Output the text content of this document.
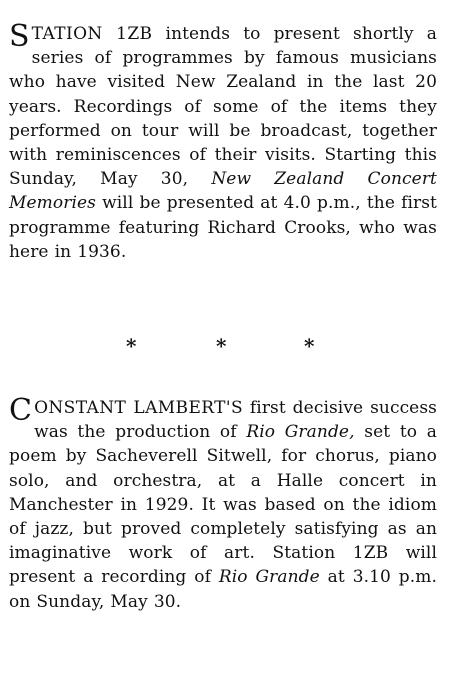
STATION 1ZB intends to present shortly a series of programmes by famous musicians who have visited New Zealand in the last 20 years. Recordings of some of the items they performed on tour will be broadcast, together with reminiscences of their visits. Starting this Sunday, May 30, New Zealand Concert Memories will be presented at 4.0 p.m., the first programme featuring Richard Crooks, who was here in 1936.
*	*	*
CONSTANT LAMBERT'S first decisive success was the production of Rio Grande, set to a poem by Sacheverell Sitwell, for chorus, piano solo, and orchestra, at a Halle concert in Manchester in 1929. It was based on the idiom of jazz, but proved completely satisfying as an imaginative work of art. Station 1ZB will present a recording of Rio Grande at 3.10 p.m. on Sunday, May 30.
